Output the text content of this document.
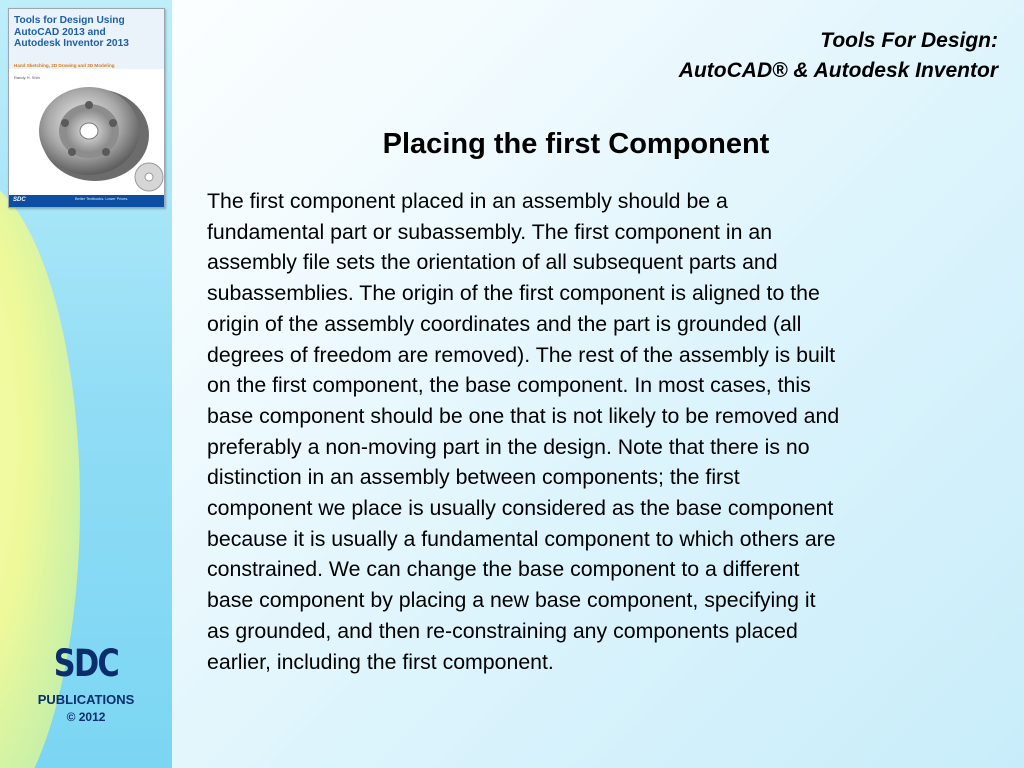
Tools for Design Using
AutoCAD 2013 and
Autodesk Inventor 2013
Hand Sketching, 2D Drawing and 3D Modeling
Randy H. Shih
SDC	Better Textbooks. Lower Prices.
SDC
PUBLICATIONS
© 2012
Tools For Design:
AutoCAD® & Autodesk Inventor
Placing the first Component
The first component placed in an assembly should be a
fundamental part or subassembly. The first component in an
assembly file sets the orientation of all subsequent parts and
subassemblies. The origin of the first component is aligned to the
origin of the assembly coordinates and the part is grounded (all
degrees of freedom are removed). The rest of the assembly is built
on the first component, the base component. In most cases, this
base component should be one that is not likely to be removed and
preferably a non-moving part in the design. Note that there is no
distinction in an assembly between components; the first
component we place is usually considered as the base component
because it is usually a fundamental component to which others are
constrained. We can change the base component to a different
base component by placing a new base component, specifying it
as grounded, and then re-constraining any components placed
earlier, including the first component.
